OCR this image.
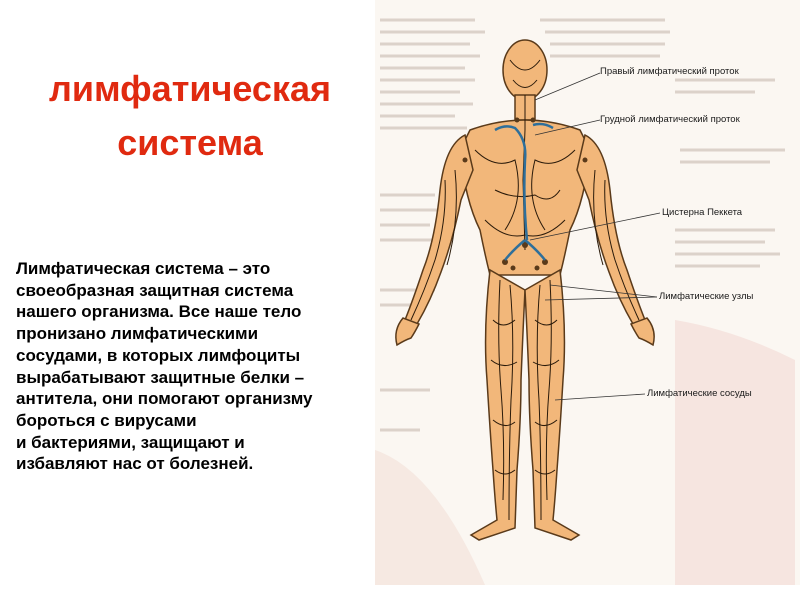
лимфатическая
система
Лимфатическая система – это
своеобразная защитная система
нашего организма. Все наше тело
пронизано лимфатическими
сосудами, в которых лимфоциты
вырабатывают защитные белки –
антитела, они помогают организму
бороться с вирусами
и бактериями, защищают и
избавляют нас от болезней.
Правый лимфатический проток
Грудной лимфатический проток
Цистерна Пеккета
Лимфатические узлы
Лимфатические сосуды
